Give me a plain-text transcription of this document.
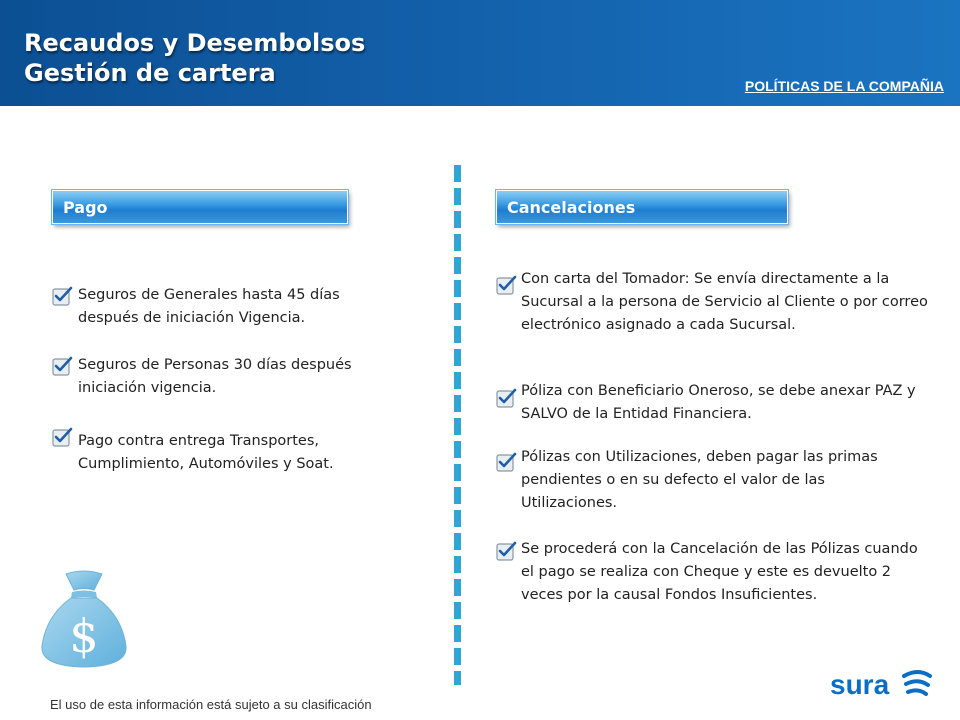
Recaudos y Desembolsos
Gestión de cartera	POLÍTICAS DE LA COMPAÑIA
Pago
Seguros de Generales hasta 45 días después de iniciación Vigencia.
Seguros de Personas 30 días después iniciación vigencia.
Pago contra entrega Transportes, Cumplimiento, Automóviles y Soat.
$
Cancelaciones
Con carta del Tomador: Se envía directamente a la Sucursal a la persona de Servicio al Cliente o por correo electrónico asignado a cada Sucursal.
Póliza con Beneficiario Oneroso, se debe anexar PAZ y SALVO de la Entidad Financiera.
Pólizas con Utilizaciones, deben pagar las primas pendientes o en su defecto el valor de las Utilizaciones.
Se procederá con la Cancelación de las Pólizas cuando el pago se realiza con Cheque y este es devuelto 2 veces por la causal Fondos Insuficientes.
El uso de esta información está sujeto a su clasificación
sura
